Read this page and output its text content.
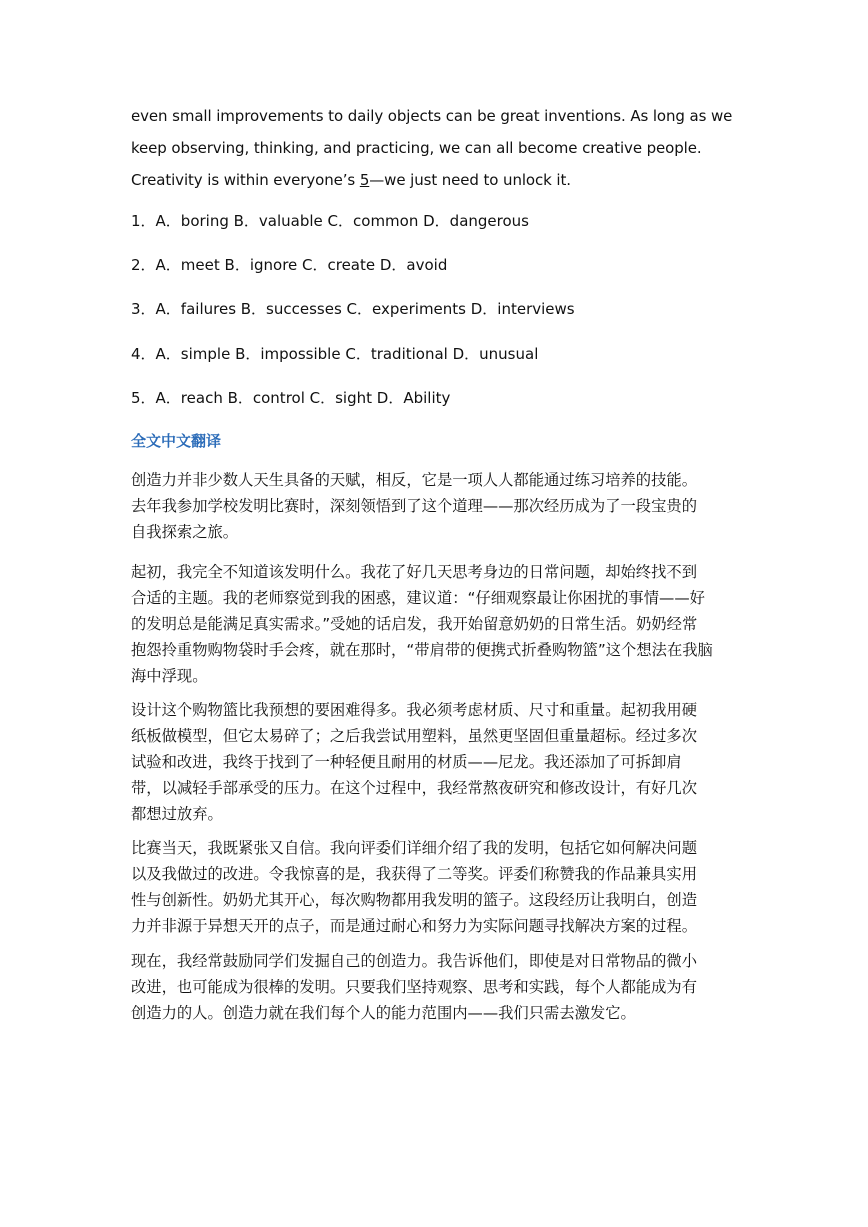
even small improvements to daily objects can be great inventions. As long as we
keep observing, thinking, and practicing, we can all become creative people.
Creativity is within everyone’s 5—we just need to unlock it.
1．A．boring B．valuable C．common D．dangerous
2．A．meet B．ignore C．create D．avoid
3．A．failures B．successes C．experiments D．interviews
4．A．simple B．impossible C．traditional D．unusual
5．A．reach B．control C．sight D．Ability
全文中文翻译
创造力并非少数人天生具备的天赋，相反，它是一项人人都能通过练习培养的技能。
去年我参加学校发明比赛时，深刻领悟到了这个道理——那次经历成为了一段宝贵的
自我探索之旅。
起初，我完全不知道该发明什么。我花了好几天思考身边的日常问题，却始终找不到
合适的主题。我的老师察觉到我的困惑，建议道：“仔细观察最让你困扰的事情——好
的发明总是能满足真实需求。”受她的话启发，我开始留意奶奶的日常生活。奶奶经常
抱怨拎重物购物袋时手会疼，就在那时，“带肩带的便携式折叠购物篮”这个想法在我脑
海中浮现。
设计这个购物篮比我预想的要困难得多。我必须考虑材质、尺寸和重量。起初我用硬
纸板做模型，但它太易碎了；之后我尝试用塑料，虽然更坚固但重量超标。经过多次
试验和改进，我终于找到了一种轻便且耐用的材质——尼龙。我还添加了可拆卸肩
带，以减轻手部承受的压力。在这个过程中，我经常熬夜研究和修改设计，有好几次
都想过放弃。
比赛当天，我既紧张又自信。我向评委们详细介绍了我的发明，包括它如何解决问题
以及我做过的改进。令我惊喜的是，我获得了二等奖。评委们称赞我的作品兼具实用
性与创新性。奶奶尤其开心，每次购物都用我发明的篮子。这段经历让我明白，创造
力并非源于异想天开的点子，而是通过耐心和努力为实际问题寻找解决方案的过程。
现在，我经常鼓励同学们发掘自己的创造力。我告诉他们，即使是对日常物品的微小
改进，也可能成为很棒的发明。只要我们坚持观察、思考和实践，每个人都能成为有
创造力的人。创造力就在我们每个人的能力范围内——我们只需去激发它。
